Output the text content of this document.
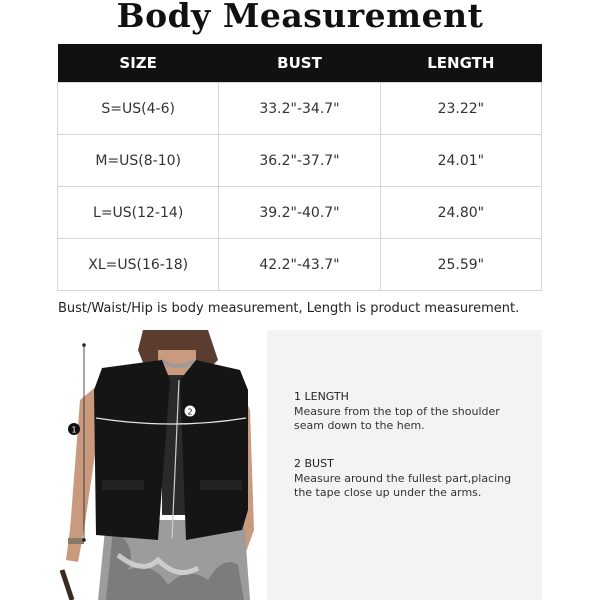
Body Measurement
SIZE	BUST	LENGTH
S=US(4-6)	33.2"-34.7"	23.22"
M=US(8-10)	36.2"-37.7"	24.01"
L=US(12-14)	39.2"-40.7"	24.80"
XL=US(16-18)	42.2"-43.7"	25.59"
Bust/Waist/Hip is body measurement, Length is product measurement.
1
2
1 LENGTH
Measure from the top of the shoulder
seam down to the hem.
2 BUST
Measure around the fullest part,placing
the tape close up under the arms.
